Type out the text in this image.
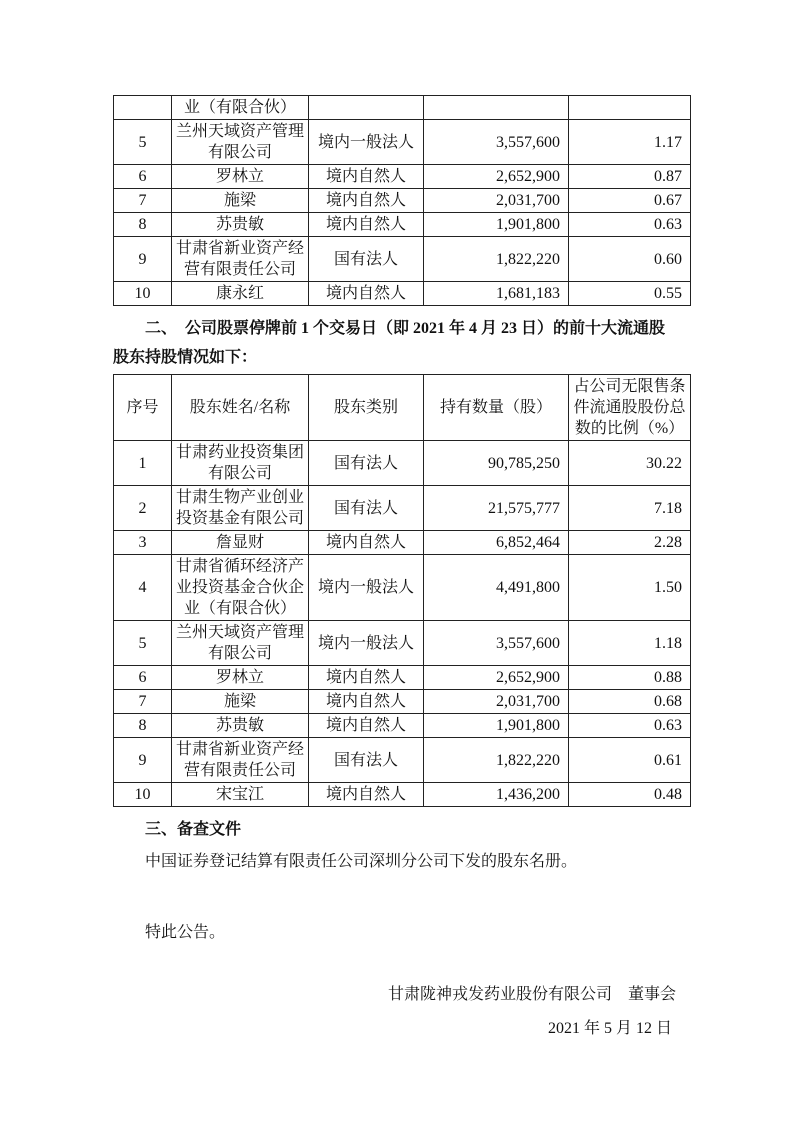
	业（有限合伙）			
5	兰州天域资产管理有限公司	境内一般法人	3,557,600	1.17
6	罗林立	境内自然人	2,652,900	0.87
7	施梁	境内自然人	2,031,700	0.67
8	苏贵敏	境内自然人	1,901,800	0.63
9	甘肃省新业资产经营有限责任公司	国有法人	1,822,220	0.60
10	康永红	境内自然人	1,681,183	0.55

二、　公司股票停牌前 1 个交易日（即 2021 年 4 月 23 日）的前十大流通股

股东持股情况如下：

序号	股东姓名/名称	股东类别	持有数量（股）	占公司无限售条件流通股股份总数的比例（%）
1	甘肃药业投资集团有限公司	国有法人	90,785,250	30.22
2	甘肃生物产业创业投资基金有限公司	国有法人	21,575,777	7.18
3	詹显财	境内自然人	6,852,464	2.28
4	甘肃省循环经济产业投资基金合伙企业（有限合伙）	境内一般法人	4,491,800	1.50
5	兰州天域资产管理有限公司	境内一般法人	3,557,600	1.18
6	罗林立	境内自然人	2,652,900	0.88
7	施梁	境内自然人	2,031,700	0.68
8	苏贵敏	境内自然人	1,901,800	0.63
9	甘肃省新业资产经营有限责任公司	国有法人	1,822,220	0.61
10	宋宝江	境内自然人	1,436,200	0.48

三、备查文件

中国证券登记结算有限责任公司深圳分公司下发的股东名册。

特此公告。

甘肃陇神戎发药业股份有限公司　董事会

2021 年 5 月 12 日
